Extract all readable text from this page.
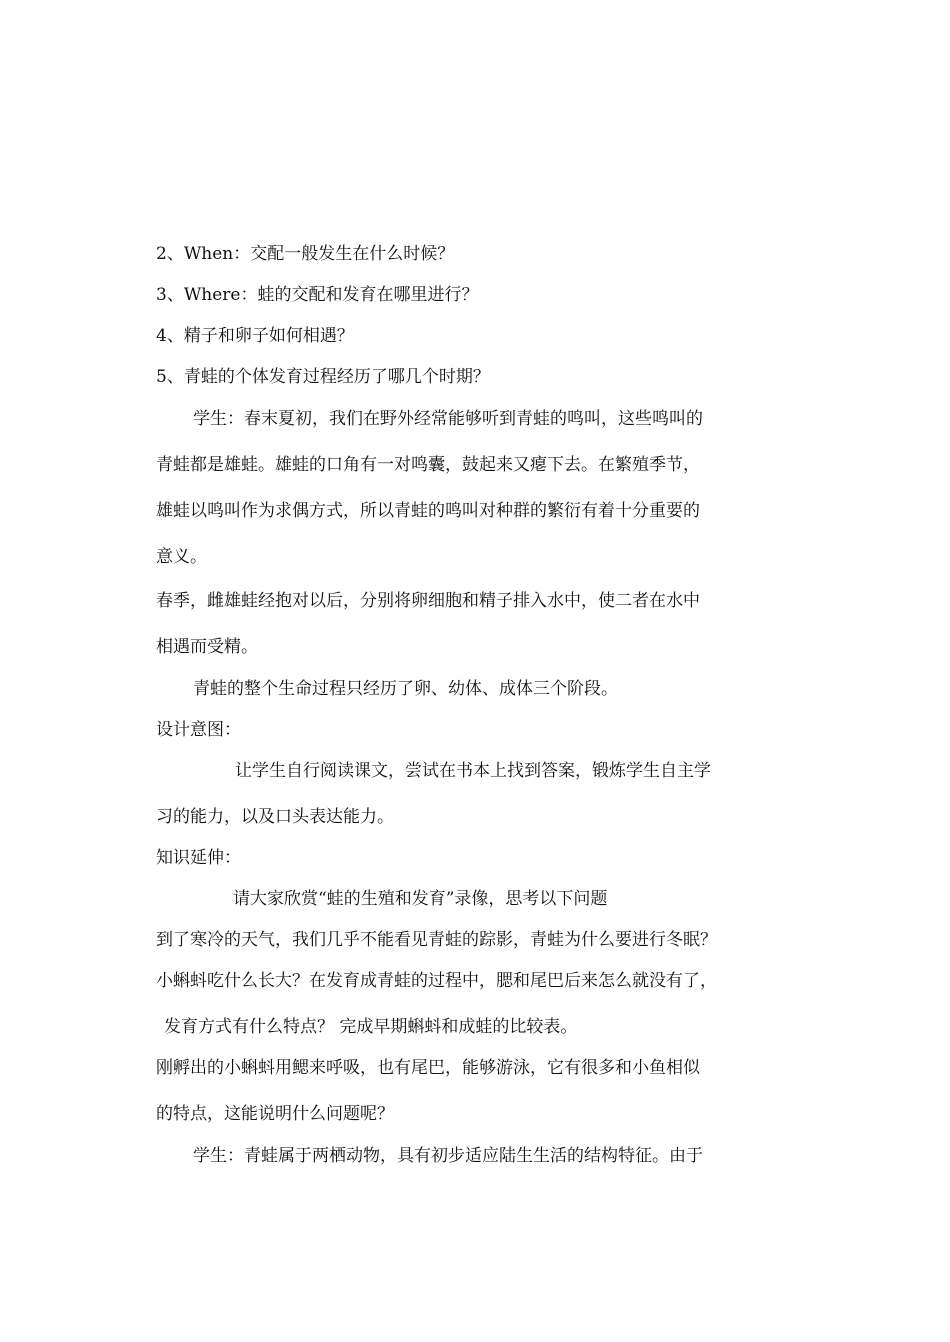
2、When：交配一般发生在什么时候？
3、Where：蛙的交配和发育在哪里进行？
4、精子和卵子如何相遇？
5、青蛙的个体发育过程经历了哪几个时期？
学生：春末夏初，我们在野外经常能够听到青蛙的鸣叫，这些鸣叫的
青蛙都是雄蛙。雄蛙的口角有一对鸣囊，鼓起来又瘪下去。在繁殖季节，
雄蛙以鸣叫作为求偶方式，所以青蛙的鸣叫对种群的繁衍有着十分重要的
意义。
春季，雌雄蛙经抱对以后，分别将卵细胞和精子排入水中，使二者在水中
相遇而受精。
青蛙的整个生命过程只经历了卵、幼体、成体三个阶段。
设计意图：
让学生自行阅读课文，尝试在书本上找到答案，锻炼学生自主学
习的能力，以及口头表达能力。
知识延伸：
请大家欣赏“蛙的生殖和发育”录像，思考以下问题
到了寒冷的天气，我们几乎不能看见青蛙的踪影，青蛙为什么要进行冬眠？
小蝌蚪吃什么长大？在发育成青蛙的过程中，腮和尾巴后来怎么就没有了，
发育方式有什么特点？ 完成早期蝌蚪和成蛙的比较表。
刚孵出的小蝌蚪用鳃来呼吸，也有尾巴，能够游泳，它有很多和小鱼相似
的特点，这能说明什么问题呢？
学生：青蛙属于两栖动物，具有初步适应陆生生活的结构特征。由于
